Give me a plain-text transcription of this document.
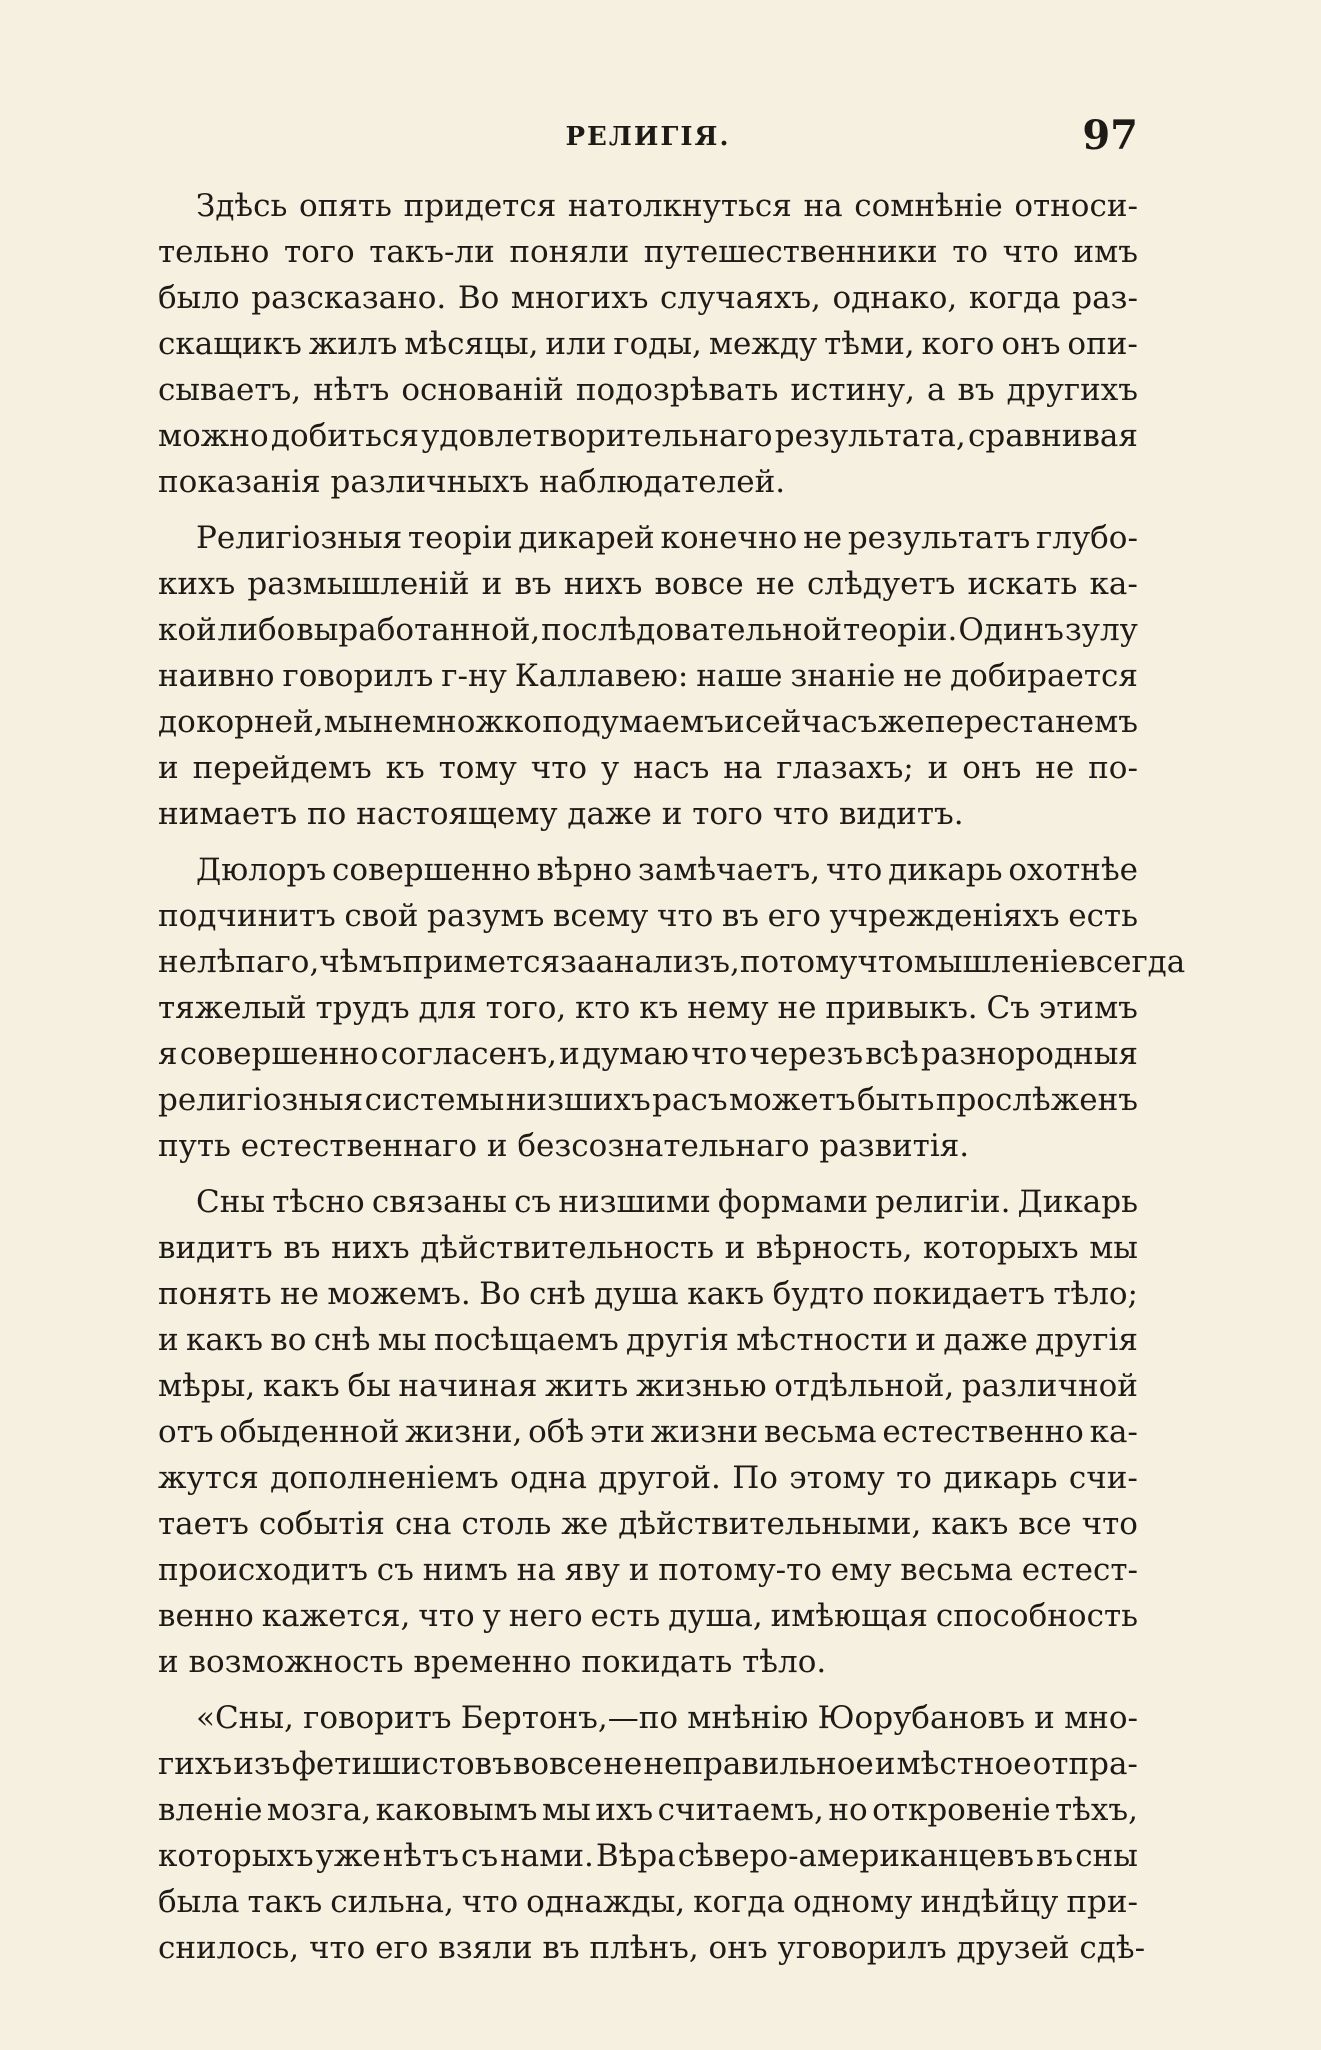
РЕЛИГІЯ.	97
Здѣсь опять придется натолкнуться на сомнѣніе относи-
тельно того такъ-ли поняли путешественники то что имъ
было разсказано. Во многихъ случаяхъ, однако, когда раз-
скащикъ жилъ мѣсяцы, или годы, между тѣми, кого онъ опи-
сываетъ, нѣтъ основаній подозрѣвать истину, а въ другихъ
можно добиться удовлетворительнаго результата, сравнивая
показанія различныхъ наблюдателей.
Религіозныя теоріи дикарей конечно не результатъ глубо-
кихъ размышленій и въ нихъ вовсе не слѣдуетъ искать ка-
кой либо выработанной, послѣдовательной теоріи. Одинъ зулу
наивно говорилъ г-ну Каллавею: наше знаніе не добирается
до корней, мы немножко подумаемъ и сейчасъ же перестанемъ
и перейдемъ къ тому что у насъ на глазахъ; и онъ не по-
нимаетъ по настоящему даже и того что видитъ.
Дюлоръ совершенно вѣрно замѣчаетъ, что дикарь охотнѣе
подчинитъ свой разумъ всему что въ его учрежденіяхъ есть
нелѣпаго, чѣмъ примется за анализъ, потому что мышленіе всегда
тяжелый трудъ для того, кто къ нему не привыкъ. Съ этимъ
я совершенно согласенъ, и думаю что черезъ всѣ разнородныя
религіозныя системы низшихъ расъ можетъ быть прослѣженъ
путь естественнаго и безсознательнаго развитія.
Сны тѣсно связаны съ низшими формами религіи. Дикарь
видитъ въ нихъ дѣйствительность и вѣрность, которыхъ мы
понять не можемъ. Во снѣ душа какъ будто покидаетъ тѣло;
и какъ во снѣ мы посѣщаемъ другія мѣстности и даже другія
мѣры, какъ бы начиная жить жизнью отдѣльной, различной
отъ обыденной жизни, обѣ эти жизни весьма естественно ка-
жутся дополненіемъ одна другой. По этому то дикарь счи-
таетъ событія сна столь же дѣйствительными, какъ все что
происходитъ съ нимъ на яву и потому-то ему весьма естест-
венно кажется, что у него есть душа, имѣющая способность
и возможность временно покидать тѣло.
«Сны, говоритъ Бертонъ,—по мнѣнію Юорубановъ и мно-
гихъ изъ фетишистовъ вовсе не неправильное и мѣстное отпра-
вленіе мозга, каковымъ мы ихъ считаемъ, но откровеніе тѣхъ,
которыхъ уже нѣтъ съ нами. Вѣра сѣверо-американцевъ въ сны
была такъ сильна, что однажды, когда одному индѣйцу при-
снилось, что его взяли въ плѣнъ, онъ уговорилъ друзей сдѣ-
